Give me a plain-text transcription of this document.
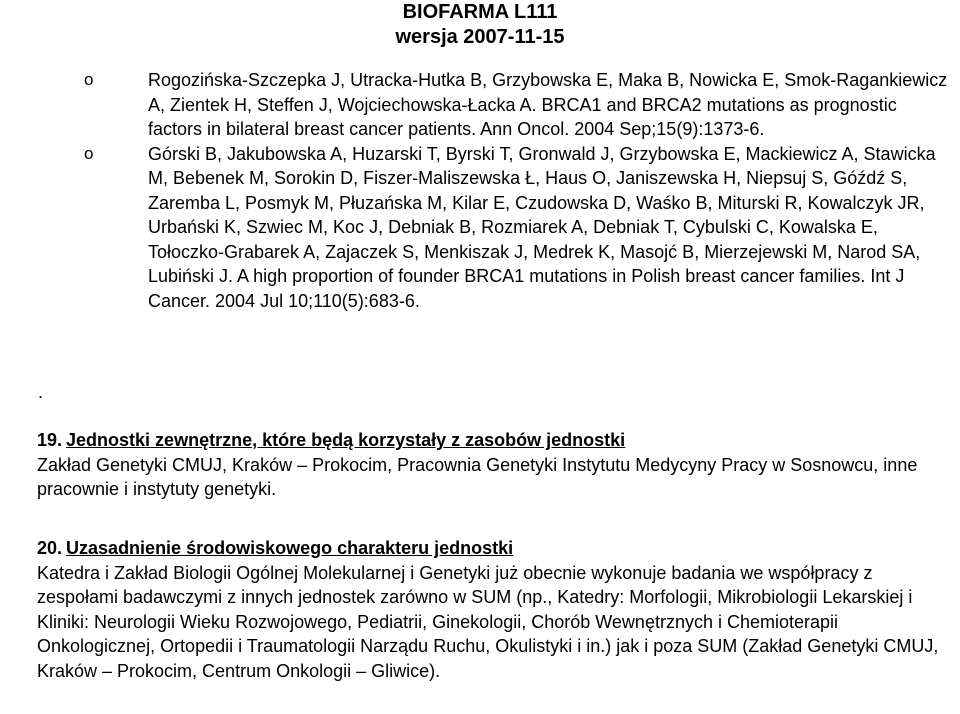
BIOFARMA L111
wersja 2007-11-15
o	Rogozińska-Szczepka J, Utracka-Hutka B, Grzybowska E, Maka B, Nowicka E, Smok-Ragankiewicz A, Zientek H, Steffen J, Wojciechowska-Łacka A. BRCA1 and BRCA2 mutations as prognostic factors in bilateral breast cancer patients. Ann Oncol. 2004 Sep;15(9):1373-6.
o	Górski B, Jakubowska A, Huzarski T, Byrski T, Gronwald J, Grzybowska E, Mackiewicz A, Stawicka M, Bebenek M, Sorokin D, Fiszer-Maliszewska Ł, Haus O, Janiszewska H, Niepsuj S, Góźdź S, Zaremba L, Posmyk M, Płuzańska M, Kilar E, Czudowska D, Waśko B, Miturski R, Kowalczyk JR, Urbański K, Szwiec M, Koc J, Debniak B, Rozmiarek A, Debniak T, Cybulski C, Kowalska E, Tołoczko-Grabarek A, Zajaczek S, Menkiszak J, Medrek K, Masojć B, Mierzejewski M, Narod SA, Lubiński J. A high proportion of founder BRCA1 mutations in Polish breast cancer families. Int J Cancer. 2004 Jul 10;110(5):683-6.
.
19. Jednostki zewnętrzne, które będą korzystały z zasobów jednostki
Zakład Genetyki CMUJ, Kraków – Prokocim, Pracownia Genetyki Instytutu Medycyny Pracy w Sosnowcu, inne pracownie i instytuty genetyki.
20. Uzasadnienie środowiskowego charakteru jednostki
Katedra i Zakład Biologii Ogólnej Molekularnej i Genetyki już obecnie wykonuje badania we współpracy z zespołami badawczymi z innych jednostek zarówno w SUM (np., Katedry: Morfologii, Mikrobiologii Lekarskiej i Kliniki: Neurologii Wieku Rozwojowego, Pediatrii, Ginekologii, Chorób Wewnętrznych i Chemioterapii Onkologicznej, Ortopedii i Traumatologii Narządu Ruchu, Okulistyki i in.) jak i poza SUM (Zakład Genetyki CMUJ, Kraków – Prokocim, Centrum Onkologii – Gliwice).
